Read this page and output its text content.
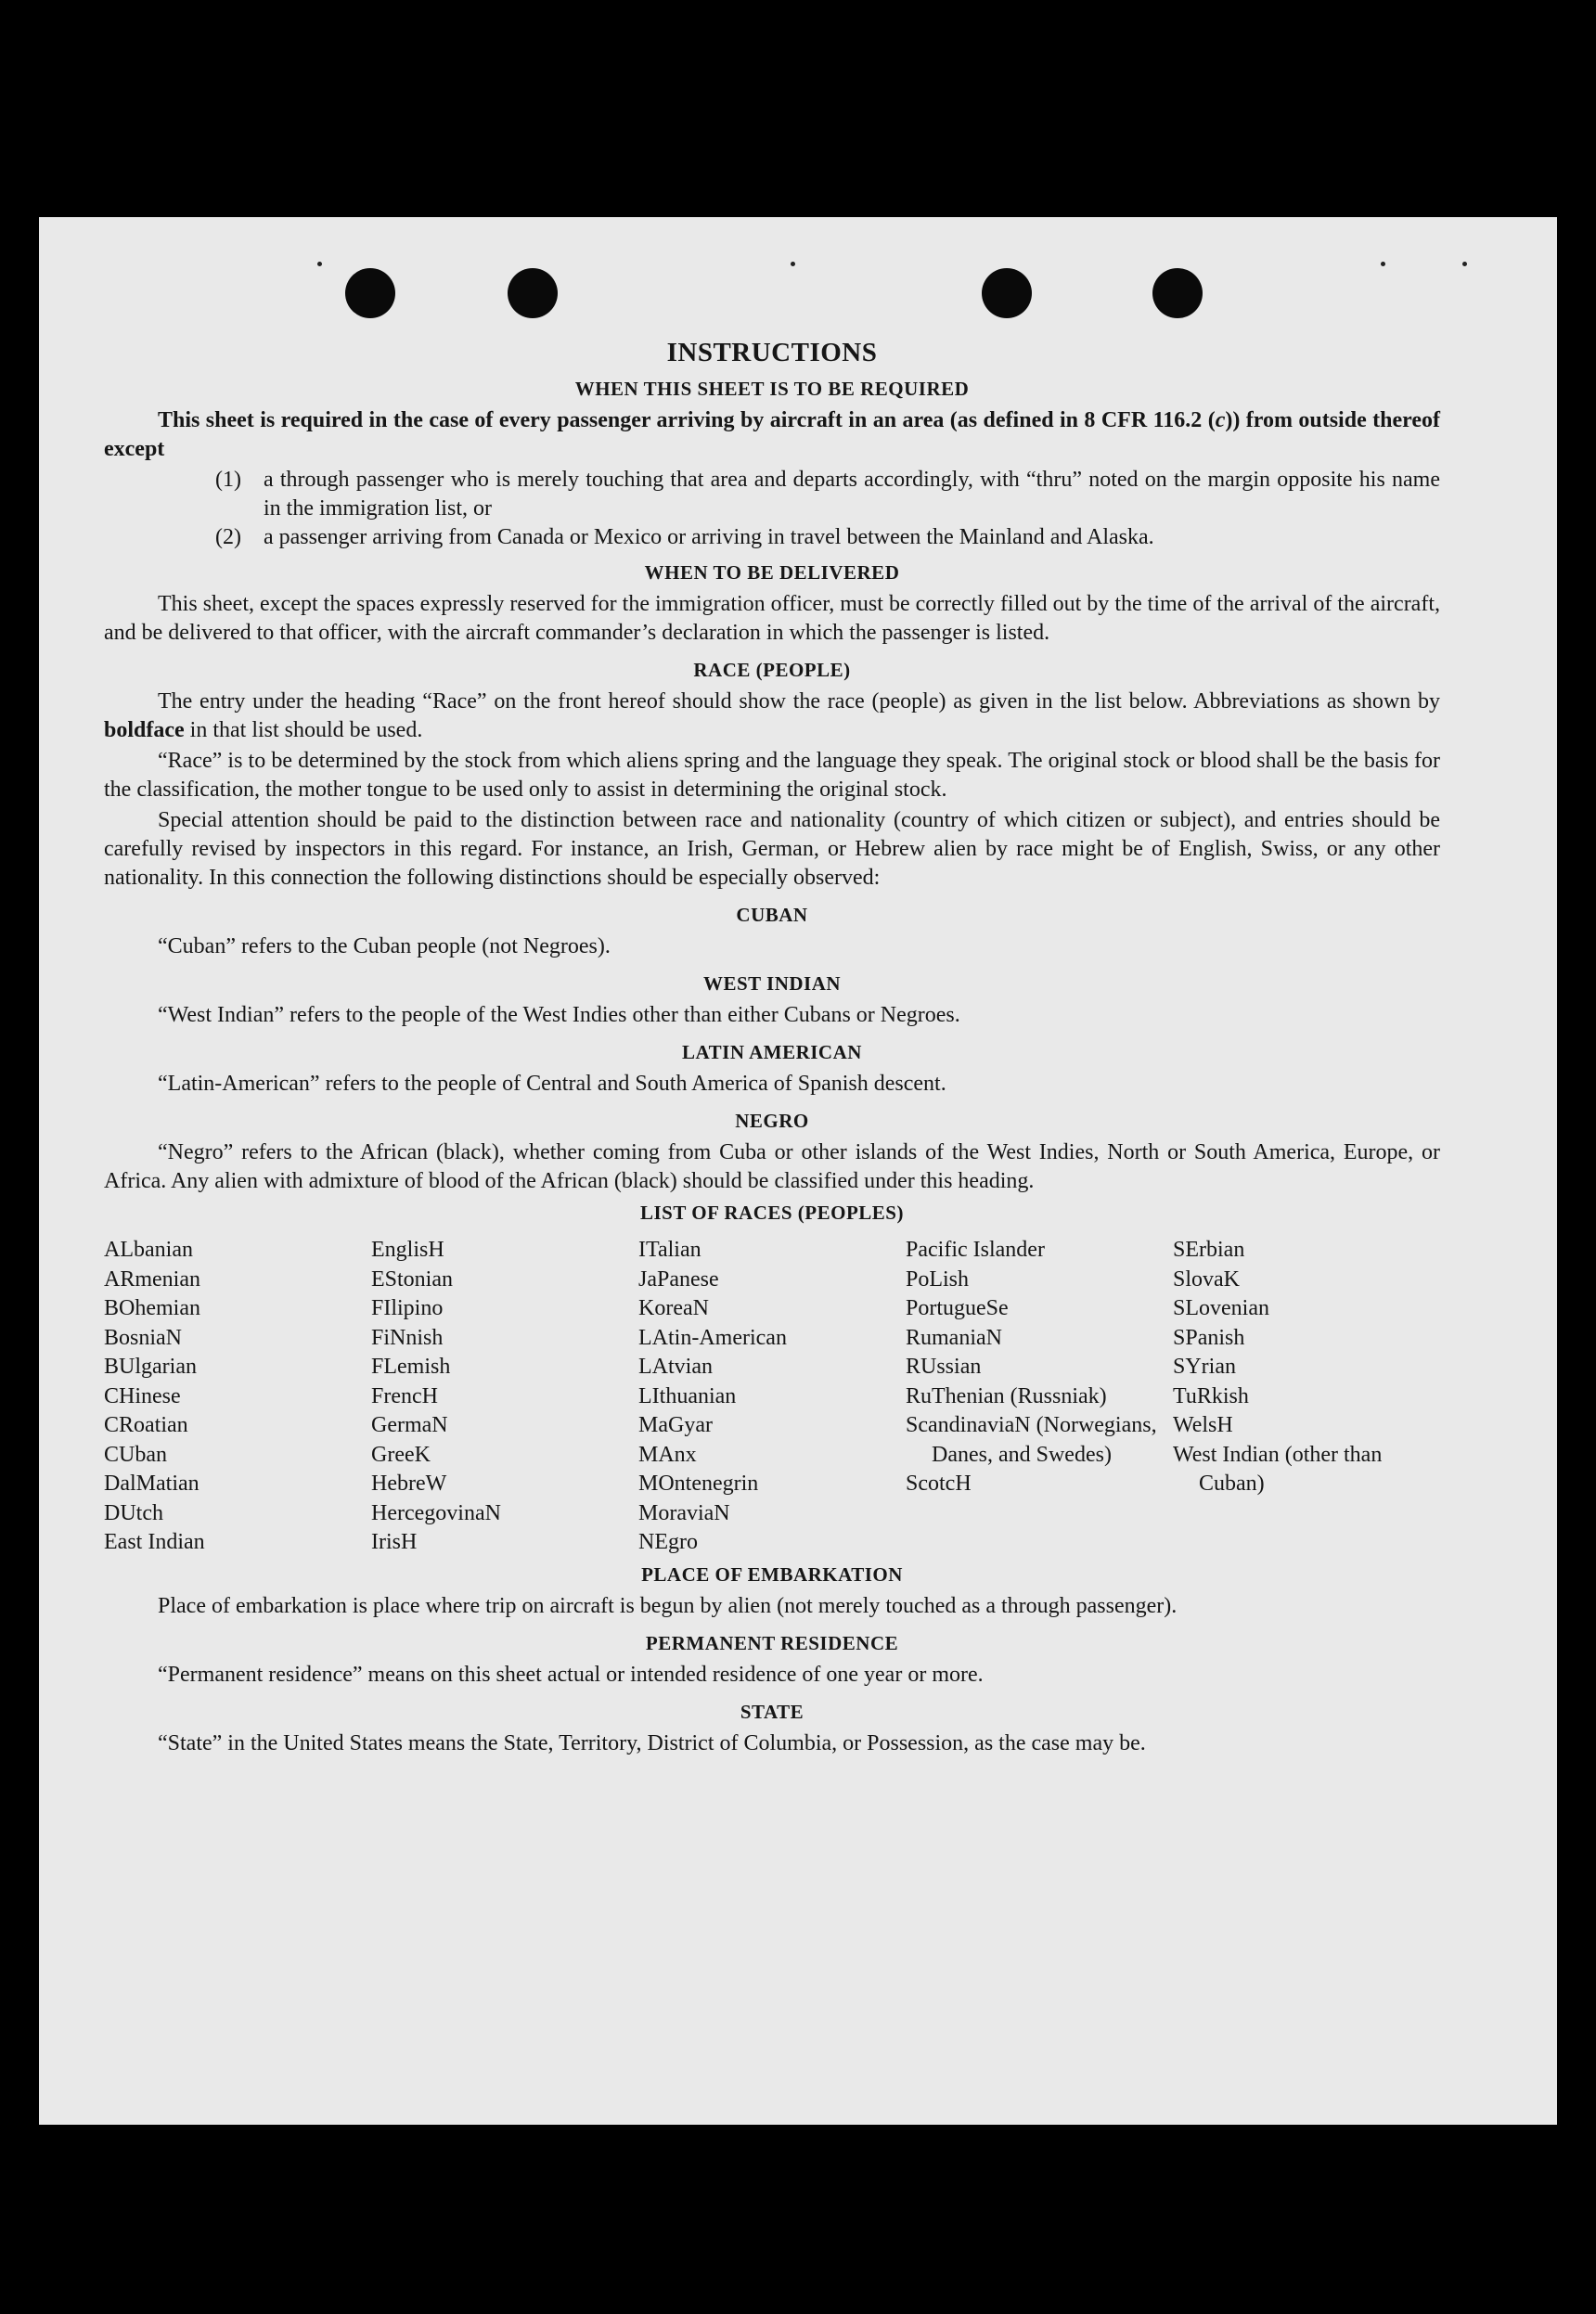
INSTRUCTIONS
WHEN THIS SHEET IS TO BE REQUIRED

This sheet is required in the case of every passenger arriving by aircraft in an area (as defined in 8 CFR 116.2 (c)) from outside thereof except

(1)	a through passenger who is merely touching that area and departs accordingly, with “thru” noted on the margin opposite his name in the immigration list, or
(2)	a passenger arriving from Canada or Mexico or arriving in travel between the Mainland and Alaska.
WHEN TO BE DELIVERED

This sheet, except the spaces expressly reserved for the immigration officer, must be correctly filled out by the time of the arrival of the aircraft, and be delivered to that officer, with the aircraft commander’s declaration in which the passenger is listed.

RACE (PEOPLE)

The entry under the heading “Race” on the front hereof should show the race (people) as given in the list below. Abbreviations as shown by boldface in that list should be used.

“Race” is to be determined by the stock from which aliens spring and the language they speak. The original stock or blood shall be the basis for the classification, the mother tongue to be used only to assist in determining the original stock.

Special attention should be paid to the distinction between race and nationality (country of which citizen or subject), and entries should be carefully revised by inspectors in this regard. For instance, an Irish, German, or Hebrew alien by race might be of English, Swiss, or any other nationality. In this connection the following distinctions should be especially observed:

CUBAN

“Cuban” refers to the Cuban people (not Negroes).

WEST INDIAN

“West Indian” refers to the people of the West Indies other than either Cubans or Negroes.

LATIN AMERICAN

“Latin-American” refers to the people of Central and South America of Spanish descent.

NEGRO

“Negro” refers to the African (black), whether coming from Cuba or other islands of the West Indies, North or South America, Europe, or Africa. Any alien with admixture of blood of the African (black) should be classified under this heading.

LIST OF RACES (PEOPLES)
ALbanian
ARmenian
BOhemian
BosniaN
BUlgarian
CHinese
CRoatian
CUban
DalMatian
DUtch
East Indian
EnglisH
EStonian
FIlipino
FiNnish
FLemish
FrencH
GermaN
GreeK
HebreW
HercegovinaN
IrisH
ITalian
JaPanese
KoreaN
LAtin-American
LAtvian
LIthuanian
MaGyar
MAnx
MOntenegrin
MoraviaN
NEgro
Pacific Islander
PoLish
PortugueSe
RumaniaN
RUssian
RuThenian (Russniak)
ScandinaviaN (Norwegians, Danes, and Swedes)
ScotcH
SErbian
SlovaK
SLovenian
SPanish
SYrian
TuRkish
WelsH
West Indian (other than Cuban)
PLACE OF EMBARKATION

Place of embarkation is place where trip on aircraft is begun by alien (not merely touched as a through passenger).

PERMANENT RESIDENCE

“Permanent residence” means on this sheet actual or intended residence of one year or more.

STATE

“State” in the United States means the State, Territory, District of Columbia, or Possession, as the case may be.
